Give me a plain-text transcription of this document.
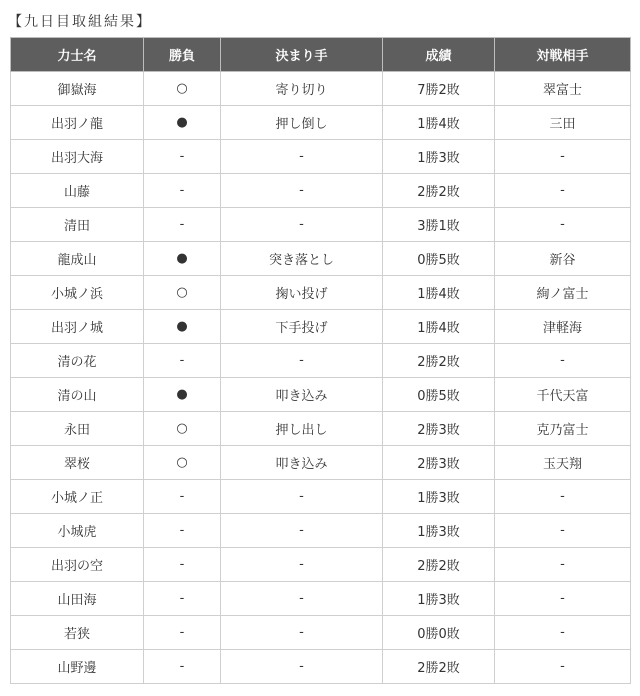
【九日目取組結果】
力士名	勝負	決まり手	成績	対戦相手
御嶽海	○	寄り切り	7勝2敗	翠富士
出羽ノ龍	●	押し倒し	1勝4敗	三田
出羽大海	-	-	1勝3敗	-
山藤	-	-	2勝2敗	-
清田	-	-	3勝1敗	-
龍成山	●	突き落とし	0勝5敗	新谷
小城ノ浜	○	掬い投げ	1勝4敗	絢ノ富士
出羽ノ城	●	下手投げ	1勝4敗	津軽海
清の花	-	-	2勝2敗	-
清の山	●	叩き込み	0勝5敗	千代天富
永田	○	押し出し	2勝3敗	克乃富士
翠桜	○	叩き込み	2勝3敗	玉天翔
小城ノ正	-	-	1勝3敗	-
小城虎	-	-	1勝3敗	-
出羽の空	-	-	2勝2敗	-
山田海	-	-	1勝3敗	-
若狭	-	-	0勝0敗	-
山野邊	-	-	2勝2敗	-
